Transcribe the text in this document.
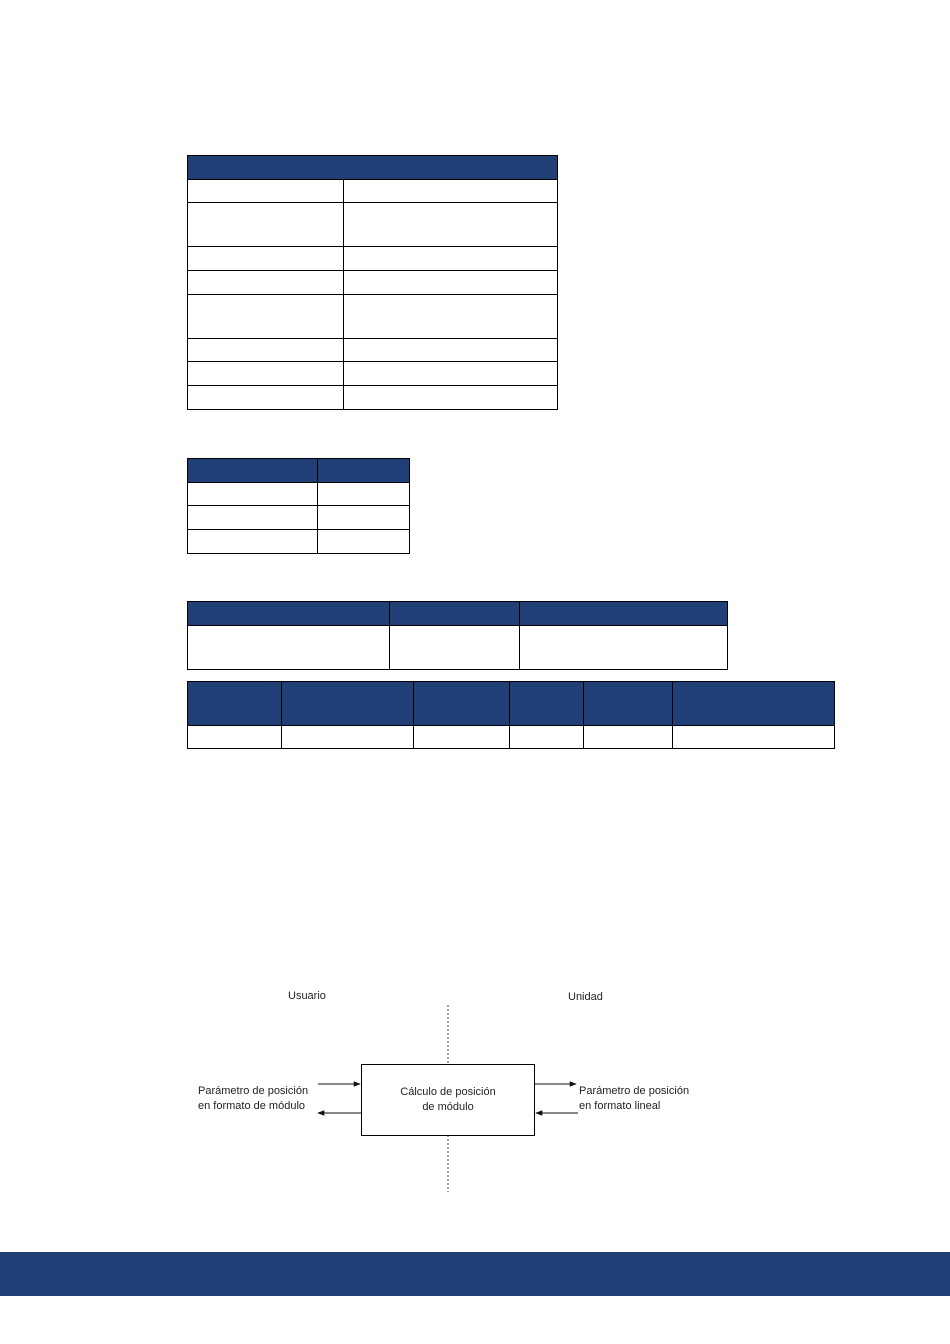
Usuario	Unidad
Cálculo de posición
de módulo
Parámetro de posición
en formato de módulo
Parámetro de posición
en formato lineal
